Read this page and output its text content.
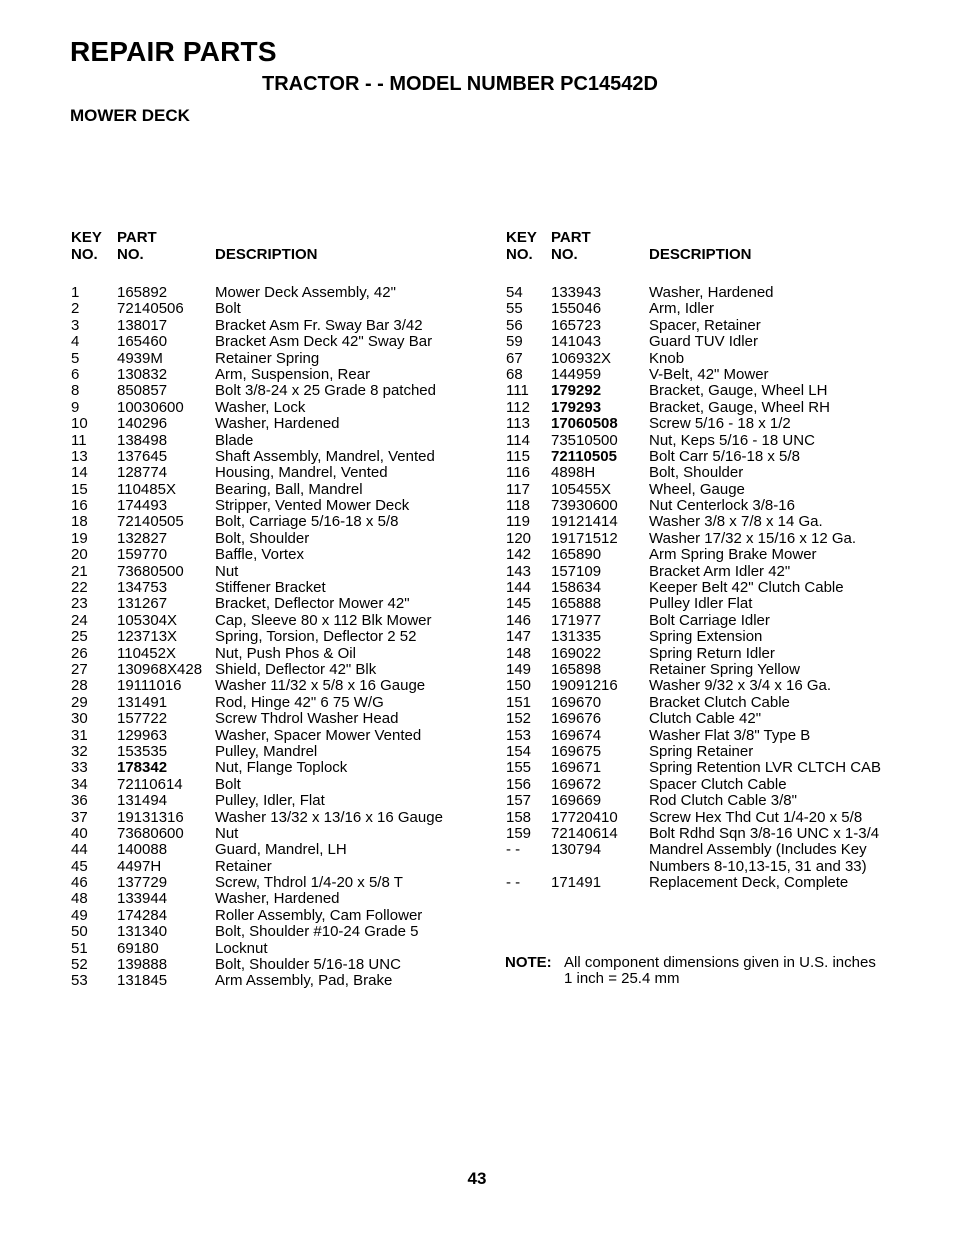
REPAIR PARTS
TRACTOR - - MODEL NUMBER PC14542D
MOWER DECK
KEY
NO.
PART
NO.	DESCRIPTION
1	165892	Mower Deck Assembly, 42"
2	72140506 Bolt
3	138017	Bracket Asm Fr. Sway Bar 3/42
4	165460	Bracket Asm Deck 42" Sway Bar
5	4939M	Retainer Spring
6	130832	Arm, Suspension, Rear
8	850857	Bolt 3/8-24 x 25 Grade 8 patched
9	10030600 Washer, Lock
10 140296	Washer, Hardened
11 138498	Blade
13 137645	Shaft Assembly, Mandrel, Vented
14 128774	Housing, Mandrel, Vented
15 110485X	Bearing, Ball, Mandrel
16 174493	Stripper, Vented Mower Deck
18 72140505 Bolt, Carriage 5/16-18 x 5/8
19 132827	Bolt, Shoulder
20 159770	Baffle, Vortex
21 73680500 Nut
22 134753	Stiffener Bracket
23 131267	Bracket, Deflector Mower 42"
24 105304X	Cap, Sleeve 80 x 112 Blk Mower
25 123713X	Spring, Torsion, Deflector 2 52
26 110452X	Nut, Push Phos & Oil
27 130968X428 Shield, Deflector 42" Blk
28 19111016 Washer 11/32 x 5/8 x 16 Gauge
29 131491	Rod, Hinge 42" 6 75 W/G
30 157722	Screw Thdrol Washer Head
31 129963	Washer, Spacer Mower Vented
32 153535	Pulley, Mandrel
33 178342	Nut, Flange Toplock
34 72110614 Bolt
36 131494	Pulley, Idler, Flat
37 19131316 Washer 13/32 x 13/16 x 16 Gauge
40 73680600 Nut
44 140088	Guard, Mandrel, LH
45 4497H	Retainer
46 137729	Screw, Thdrol 1/4-20 x 5/8 T
48 133944	Washer, Hardened
49 174284	Roller Assembly, Cam Follower
50 131340	Bolt, Shoulder #10-24 Grade 5
51 69180	Locknut
52 139888	Bolt, Shoulder 5/16-18 UNC
53 131845	Arm Assembly, Pad, Brake
KEY
NO.
PART
NO.	DESCRIPTION
54 133943	Washer, Hardened
55 155046	Arm, Idler
56 165723	Spacer, Retainer
59 141043	Guard TUV Idler
67 106932X	Knob
68 144959	V-Belt, 42" Mower
111 179292	Bracket, Gauge, Wheel LH
112 179293	Bracket, Gauge, Wheel RH
113 17060508 Screw 5/16 - 18 x 1/2
114 73510500 Nut, Keps 5/16 - 18 UNC
115 72110505 Bolt Carr 5/16-18 x 5/8
116 4898H	Bolt, Shoulder
117 105455X	Wheel, Gauge
118 73930600 Nut Centerlock 3/8-16
119 19121414 Washer 3/8 x 7/8 x 14 Ga.
120 19171512 Washer 17/32 x 15/16 x 12 Ga.
142 165890	Arm Spring Brake Mower
143 157109	Bracket Arm Idler 42"
144 158634	Keeper Belt 42" Clutch Cable
145 165888	Pulley Idler Flat
146 171977	Bolt Carriage Idler
147 131335	Spring Extension
148 169022	Spring Return Idler
149 165898	Retainer Spring Yellow
150 19091216 Washer 9/32 x 3/4 x 16 Ga.
151 169670	Bracket Clutch Cable
152 169676	Clutch Cable 42"
153 169674	Washer Flat 3/8" Type B
154 169675	Spring Retainer
155 169671	Spring Retention LVR CLTCH CAB
156 169672	Spacer Clutch Cable
157 169669	Rod Clutch Cable 3/8"
158 17720410 Screw Hex Thd Cut 1/4-20 x 5/8
159 72140614 Bolt Rdhd Sqn 3/8-16 UNC x 1-3/4
- - 130794	Mandrel Assembly (Includes Key
Numbers 8-10,13-15, 31 and 33)
- - 171491	Replacement Deck, Complete
NOTE: All component dimensions given in U.S. inches
1 inch = 25.4 mm
43
